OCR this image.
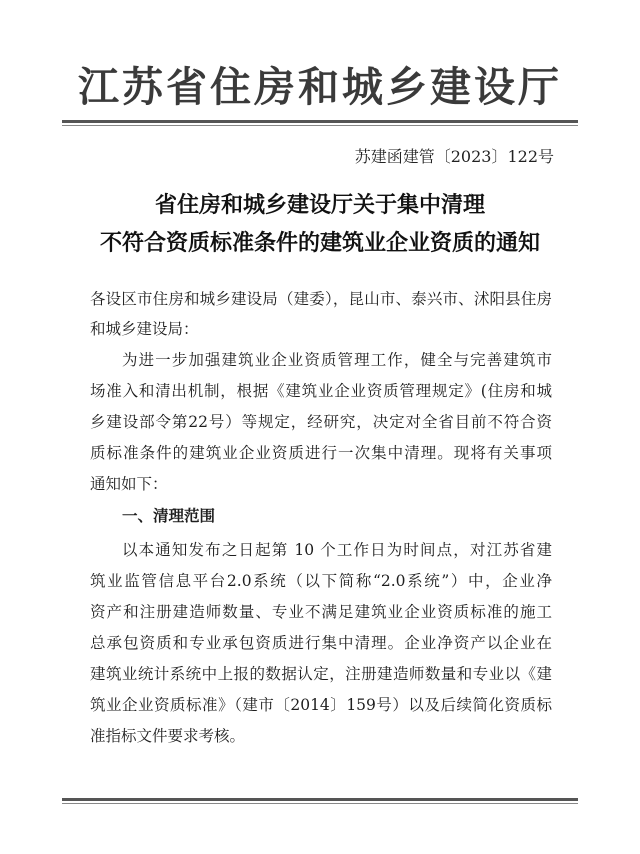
江苏省住房和城乡建设厅
苏建函建管〔2023〕122号
省住房和城乡建设厅关于集中清理
不符合资质标准条件的建筑业企业资质的通知
各设区市住房和城乡建设局（建委），昆山市、泰兴市、沭阳县住房
和城乡建设局：
为进一步加强建筑业企业资质管理工作，健全与完善建筑市
场准入和清出机制，根据《建筑业企业资质管理规定》(住房和城
乡建设部令第22号）等规定，经研究，决定对全省目前不符合资
质标准条件的建筑业企业资质进行一次集中清理。现将有关事项
通知如下：
一、清理范围
以本通知发布之日起第 10 个工作日为时间点，对江苏省建
筑业监管信息平台2.0系统（以下简称“2.0系统”）中，企业净
资产和注册建造师数量、专业不满足建筑业企业资质标准的施工
总承包资质和专业承包资质进行集中清理。企业净资产以企业在
建筑业统计系统中上报的数据认定，注册建造师数量和专业以《建
筑业企业资质标准》（建市〔2014〕159号）以及后续简化资质标
准指标文件要求考核。
